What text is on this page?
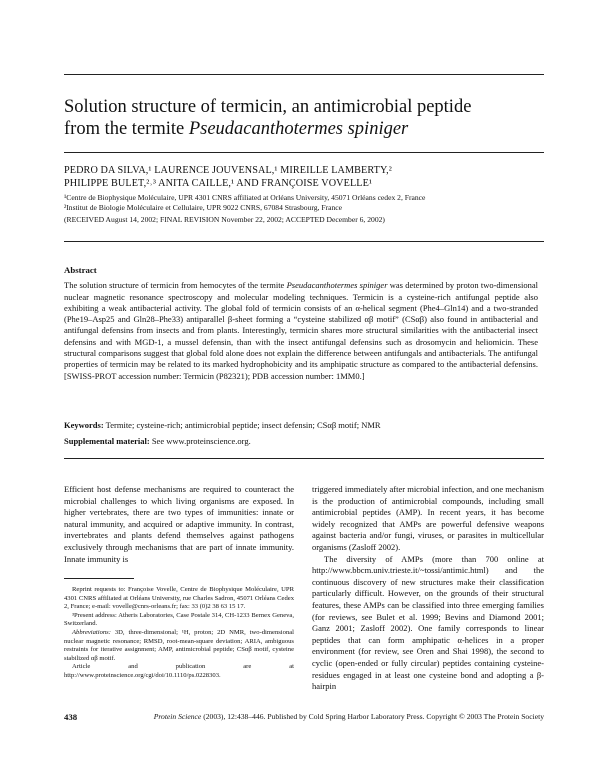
Solution structure of termicin, an antimicrobial peptide
from the termite Pseudacanthotermes spiniger
PEDRO DA SILVA,¹ LAURENCE JOUVENSAL,¹ MIREILLE LAMBERTY,²
PHILIPPE BULET,²˒³ ANITA CAILLE,¹ AND FRANÇOISE VOVELLE¹
¹Centre de Biophysique Moléculaire, UPR 4301 CNRS affiliated at Orléans University, 45071 Orléans cedex 2, France
²Institut de Biologie Moléculaire et Cellulaire, UPR 9022 CNRS, 67084 Strasbourg, France
(RECEIVED August 14, 2002; FINAL REVISION November 22, 2002; ACCEPTED December 6, 2002)
Abstract

The solution structure of termicin from hemocytes of the termite Pseudacanthotermes spiniger was determined by proton two-dimensional nuclear magnetic resonance spectroscopy and molecular modeling techniques. Termicin is a cysteine-rich antifungal peptide also exhibiting a weak antibacterial activity. The global fold of termicin consists of an α-helical segment (Phe4–Gln14) and a two-stranded (Phe19–Asp25 and Gln28–Phe33) antiparallel β-sheet forming a “cysteine stabilized αβ motif” (CSαβ) also found in antibacterial and antifungal defensins from insects and from plants. Interestingly, termicin shares more structural similarities with the antibacterial insect defensins and with MGD-1, a mussel defensin, than with the insect antifungal defensins such as drosomycin and heliomicin. These structural comparisons suggest that global fold alone does not explain the difference between antifungals and antibacterials. The antifungal properties of termicin may be related to its marked hydrophobicity and its amphipatic structure as compared to the antibacterial defensins. [SWISS-PROT accession number: Termicin (P82321); PDB accession number: 1MM0.]

Keywords: Termite; cysteine-rich; antimicrobial peptide; insect defensin; CSαβ motif; NMR
Supplemental material: See www.proteinscience.org.
Efficient host defense mechanisms are required to counteract the microbial challenges to which living organisms are exposed. In higher vertebrates, there are two types of immunities: innate or natural immunity, and acquired or adaptive immunity. In contrast, invertebrates and plants defend themselves against pathogens exclusively through mechanisms that are part of innate immunity. Innate immunity is

Reprint requests to: Françoise Vovelle, Centre de Biophysique Moléculaire, UPR 4301 CNRS affiliated at Orléans University, rue Charles Sadron, 45071 Orléans Cedex 2, France; e-mail: vovelle@cnrs-orleans.fr; fax: 33 (0)2 38 63 15 17.

³Present address: Atheris Laboratories, Case Postale 314, CH-1233 Bernex Geneva, Switzerland.

Abbreviations: 3D, three-dimensional; ¹H, proton; 2D NMR, two-dimensional nuclear magnetic resonance; RMSD, root-mean-square deviation; ARIA, ambiguous restraints for iterative assignment; AMP, antimicrobial peptide; CSαβ motif, cysteine stabilized αβ motif.

Article and publication are at http://www.proteinscience.org/cgi/doi/10.1110/ps.0228303.

triggered immediately after microbial infection, and one mechanism is the production of antimicrobial compounds, including small antimicrobial peptides (AMP). In recent years, it has become widely recognized that AMPs are powerful defensive weapons against bacteria and/or fungi, viruses, or parasites in multicellular organisms (Zasloff 2002).

The diversity of AMPs (more than 700 online at http://www.bbcm.univ.trieste.it/~tossi/antimic.html) and the continuous discovery of new structures make their classification particularly difficult. However, on the grounds of their structural features, these AMPs can be classified into three emerging families (for reviews, see Bulet et al. 1999; Bevins and Diamond 2001; Ganz 2001; Zasloff 2002). One family corresponds to linear peptides that can form amphipatic α-helices in a proper environment (for review, see Oren and Shai 1998), the second to cyclic (open-ended or fully circular) peptides containing cysteine-residues engaged in at least one cysteine bond and adopting a β-hairpin

438	Protein Science (2003), 12:438–446. Published by Cold Spring Harbor Laboratory Press. Copyright © 2003 The Protein Society
